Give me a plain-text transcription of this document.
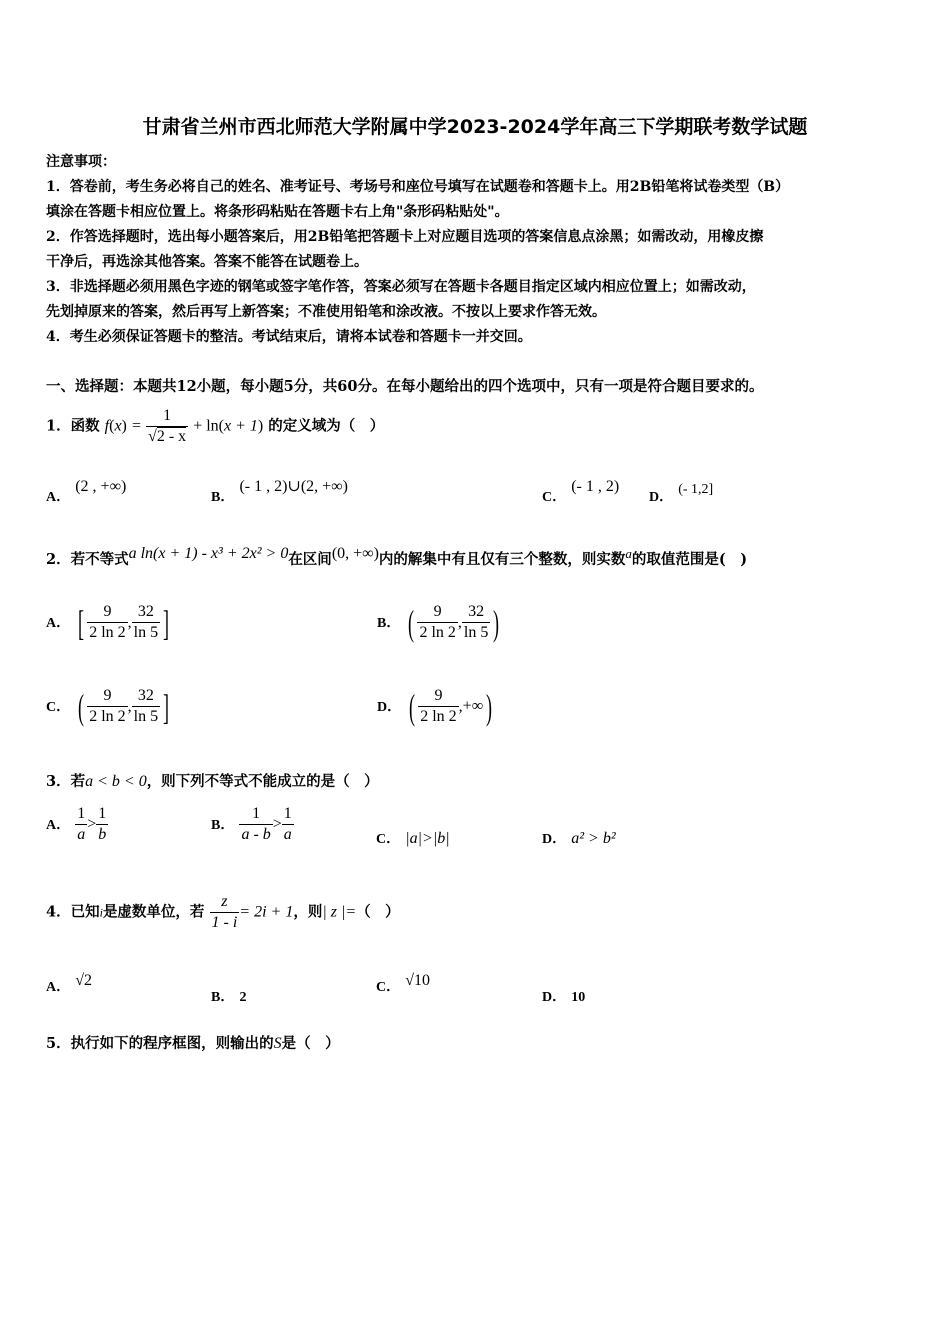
甘肃省兰州市西北师范大学附属中学2023-2024学年高三下学期联考数学试题
注意事项：
1．答卷前，考生务必将自己的姓名、准考证号、考场号和座位号填写在试题卷和答题卡上。用2B铅笔将试卷类型（B）
填涂在答题卡相应位置上。将条形码粘贴在答题卡右上角"条形码粘贴处"。
2．作答选择题时，选出每小题答案后，用2B铅笔把答题卡上对应题目选项的答案信息点涂黑；如需改动，用橡皮擦
干净后，再选涂其他答案。答案不能答在试题卷上。
3．非选择题必须用黑色字迹的钢笔或签字笔作答，答案必须写在答题卡各题目指定区域内相应位置上；如需改动，
先划掉原来的答案，然后再写上新答案；不准使用铅笔和涂改液。不按以上要求作答无效。
4．考生必须保证答题卡的整洁。考试结束后，请将本试卷和答题卡一并交回。
一、选择题：本题共12小题，每小题5分，共60分。在每小题给出的四个选项中，只有一项是符合题目要求的。
1．函数 $f(x) = \frac{1}{√2 - x} + \ln(x + 1)$ 的定义域为（　）
A． (2 , +∞)
B． (- 1 , 2)∪(2, +∞)
C． (- 1 , 2)
D． (- 1,2]
2．若不等式a ln(x + 1) - x³ + 2x² > 0在区间(0, +∞)内的解集中有且仅有三个整数，则实数a的取值范围是(　)
A． [ $\frac{9}{2 \ln 2}$ , $\frac{32}{\ln 5}$ ]	B． ( $\frac{9}{2 \ln 2}$ , $\frac{32}{\ln 5}$ )
C． ( $\frac{9}{2 \ln 2}$ , $\frac{32}{\ln 5}$ ]	D． ( $\frac{9}{2 \ln 2}$ ,+∞)
3．若a < b < 0，则下列不等式不能成立的是（　）
A． $\frac{1}{a} > \frac{1}{b}$	B． $\frac{1}{a - b} > \frac{1}{a}$	C． |a|>|b|	D． a² > b²
4．已知i是虚数单位，若 $\frac{z}{1 - i} = 2i + 1$，则| z |=（　）
A． √2
B． 2
C． √10
D． 10
5．执行如下的程序框图，则输出的S是（　）
